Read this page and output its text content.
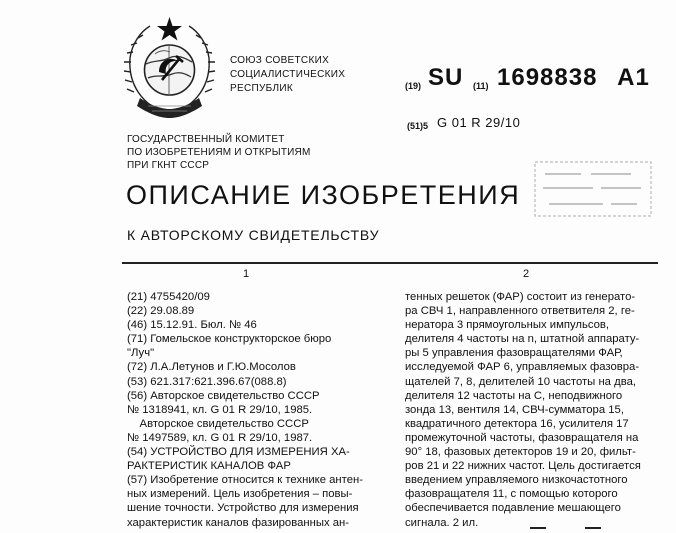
СОЮЗ СОВЕТСКИХ
СОЦИАЛИСТИЧЕСКИХ
РЕСПУБЛИК	(19) SU (11) 1698838 A1
(51)5 G 01 R 29/10
ГОСУДАРСТВЕННЫЙ КОМИТЕТ
ПО ИЗОБРЕТЕНИЯМ И ОТКРЫТИЯМ
ПРИ ГКНТ СССР
ОПИСАНИЕ ИЗОБРЕТЕНИЯ
К АВТОРСКОМУ СВИДЕТЕЛЬСТВУ
1	2
(21) 4755420/09
(22) 29.08.89
(46) 15.12.91. Бюл. № 46
(71) Гомельское конструкторское бюро
"Луч"
(72) Л.А.Летунов и Г.Ю.Мосолов
(53) 621.317:621.396.67(088.8)
(56) Авторское свидетельство СССР
№ 1318941, кл. G 01 R 29/10, 1985.
Авторское свидетельство СССР
№ 1497589, кл. G 01 R 29/10, 1987.
(54) УСТРОЙСТВО ДЛЯ ИЗМЕРЕНИЯ ХА-
РАКТЕРИСТИК КАНАЛОВ ФАР
(57) Изобретение относится к технике антен-
ных измерений. Цель изобретения – повы-
шение точности. Устройство для измерения
характеристик каналов фазированных ан-
тенных решеток (ФАР) состоит из генерато-
ра СВЧ 1, направленного ответвителя 2, ге-
нератора 3 прямоугольных импульсов,
делителя 4 частоты на n, штатной аппарату-
ры 5 управления фазовращателями ФАР,
исследуемой ФАР 6, управляемых фазовра-
щателей 7, 8, делителей 10 частоты на два,
делителя 12 частоты на С, неподвижного
зонда 13, вентиля 14, СВЧ-сумматора 15,
квадратичного детектора 16, усилителя 17
промежуточной частоты, фазовращателя на
90° 18, фазовых детекторов 19 и 20, фильт-
ров 21 и 22 нижних частот. Цель достигается
введением управляемого низкочастотного
фазовращателя 11, с помощью которого
обеспечивается подавление мешающего
сигнала. 2 ил.
